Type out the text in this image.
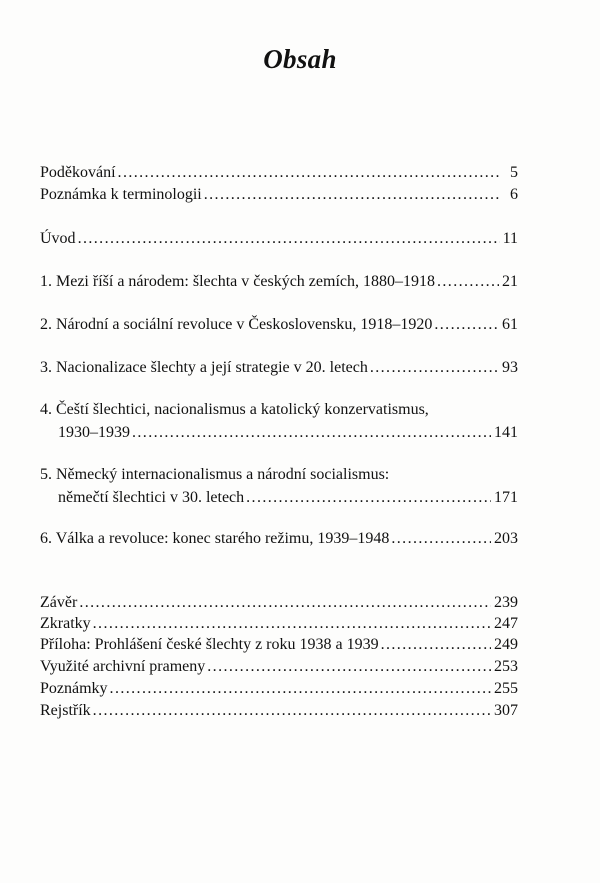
Obsah
Poděkování . . .	5
Poznámka k terminologii . . .	6
Úvod . . .	11
1. Mezi říší a národem: šlechta v českých zemích, 1880–1918 . . .	21
2. Národní a sociální revoluce v Československu, 1918–1920 . . .	61
3. Nacionalizace šlechty a její strategie v 20. letech . . .	93
4. Čeští šlechtici, nacionalismus a katolický konzervatismus,
1930–1939 . . .	141
5. Německý internacionalismus a národní socialismus:
němečtí šlechtici v 30. letech . . .	171
6. Válka a revoluce: konec starého režimu, 1939–1948 . . .	203
Závěr . . .	239
Zkratky . . .	247
Příloha: Prohlášení české šlechty z roku 1938 a 1939 . . .	249
Využité archivní prameny . . .	253
Poznámky . . .	255
Rejstřík . . .	307
